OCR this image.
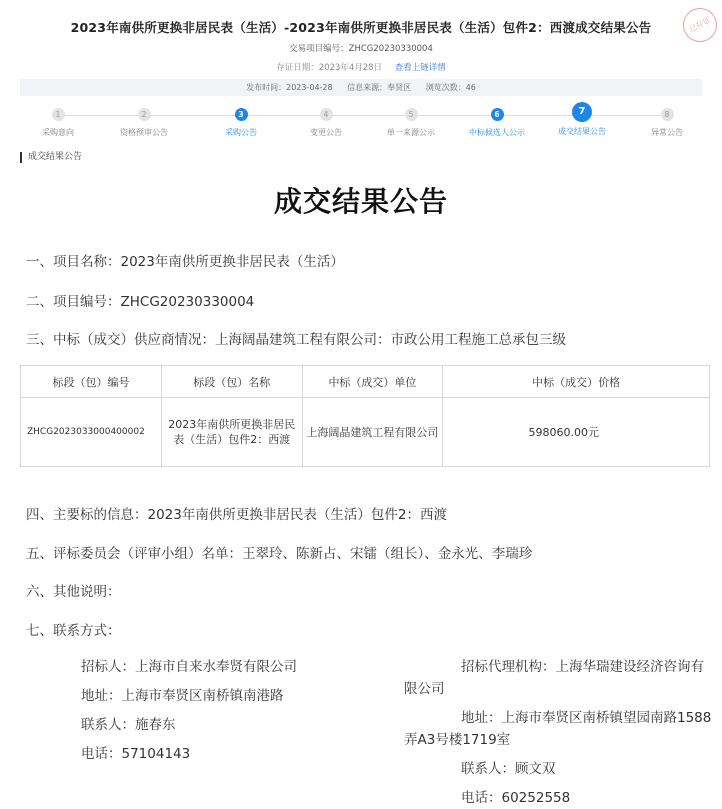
已存证
2023年南供所更换非居民表（生活）-2023年南供所更换非居民表（生活）包件2：西渡成交结果公告
交易项目编号：ZHCG20230330004
存证日期：2023年4月28日 查看上链详情
发布时间：2023-04-28 信息来源：奉贤区 浏览次数：46
1
采购意向
2
资格预审公告
3
采购公告
4
变更公告
5
单一来源公示
6
中标候选人公示
7
成交结果公告
8
异常公告
成交结果公告
成交结果公告
一、项目名称：2023年南供所更换非居民表（生活）
二、项目编号：ZHCG20230330004
三、中标（成交）供应商情况：上海阔晶建筑工程有限公司：市政公用工程施工总承包三级
标段（包）编号	标段（包）名称	中标（成交）单位	中标（成交）价格
ZHCG2023033000400002	2023年南供所更换非居民表（生活）包件2：西渡	上海阔晶建筑工程有限公司	598060.00元
四、主要标的信息：2023年南供所更换非居民表（生活）包件2：西渡
五、评标委员会（评审小组）名单：王翠玲、陈新占、宋镭（组长）、金永光、李瑞珍
六、其他说明：
七、联系方式：
招标人：上海市自来水奉贤有限公司
地址：上海市奉贤区南桥镇南港路
联系人：施春东
电话：57104143
招标代理机构：上海华瑞建设经济咨询有限公司
地址：上海市奉贤区南桥镇望园南路1588弄A3号楼1719室
联系人：顾文双
电话：60252558
